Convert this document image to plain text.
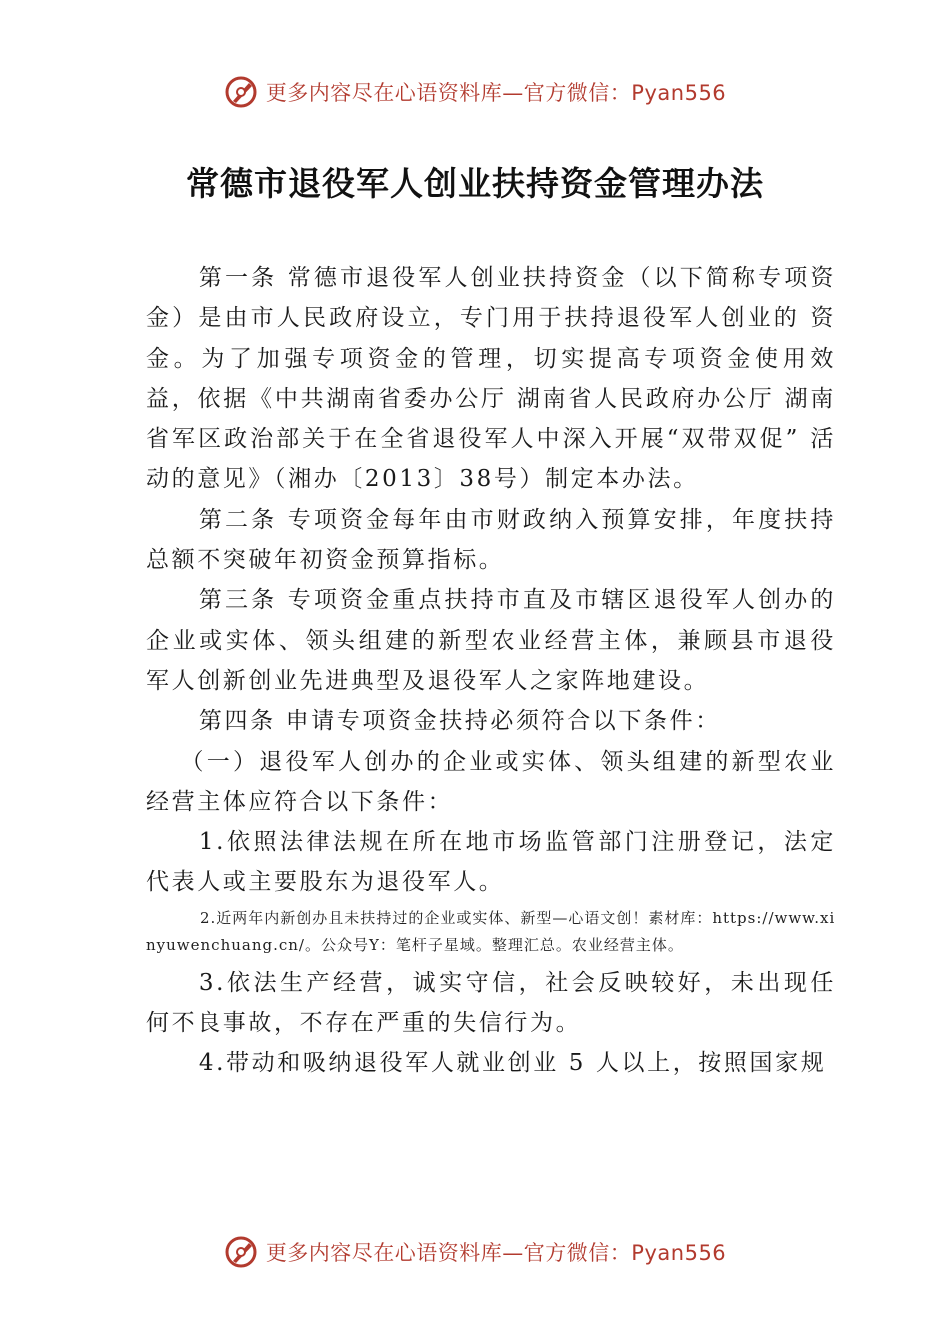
更多内容尽在心语资料库—官方微信：Pyan556
常德市退役军人创业扶持资金管理办法

第一条 常德市退役军人创业扶持资金（以下简称专项资金）是由市人民政府设立，专门用于扶持退役军人创业的 资金。为了加强专项资金的管理，切实提高专项资金使用效 益，依据《中共湖南省委办公厅 湖南省人民政府办公厅 湖南省军区政治部关于在全省退役军人中深入开展“双带双促” 活动的意见》（湘办〔2013〕38号）制定本办法。

第二条 专项资金每年由市财政纳入预算安排，年度扶持总额不突破年初资金预算指标。

第三条 专项资金重点扶持市直及市辖区退役军人创办的企业或实体、领头组建的新型农业经营主体，兼顾县市退役军人创新创业先进典型及退役军人之家阵地建设。

第四条 申请专项资金扶持必须符合以下条件：

（一）退役军人创办的企业或实体、领头组建的新型农业经营主体应符合以下条件：

1.依照法律法规在所在地市场监管部门注册登记，法定代表人或主要股东为退役军人。

2.近两年内新创办且未扶持过的企业或实体、新型—心语文创！素材库：https://www.xinyuwenchuang.cn/。公众号Y：笔杆子星域。整理汇总。农业经营主体。

3.依法生产经营，诚实守信，社会反映较好，未出现任何不良事故，不存在严重的失信行为。

4.带动和吸纳退役军人就业创业 5 人以上，按照国家规

更多内容尽在心语资料库—官方微信：Pyan556
